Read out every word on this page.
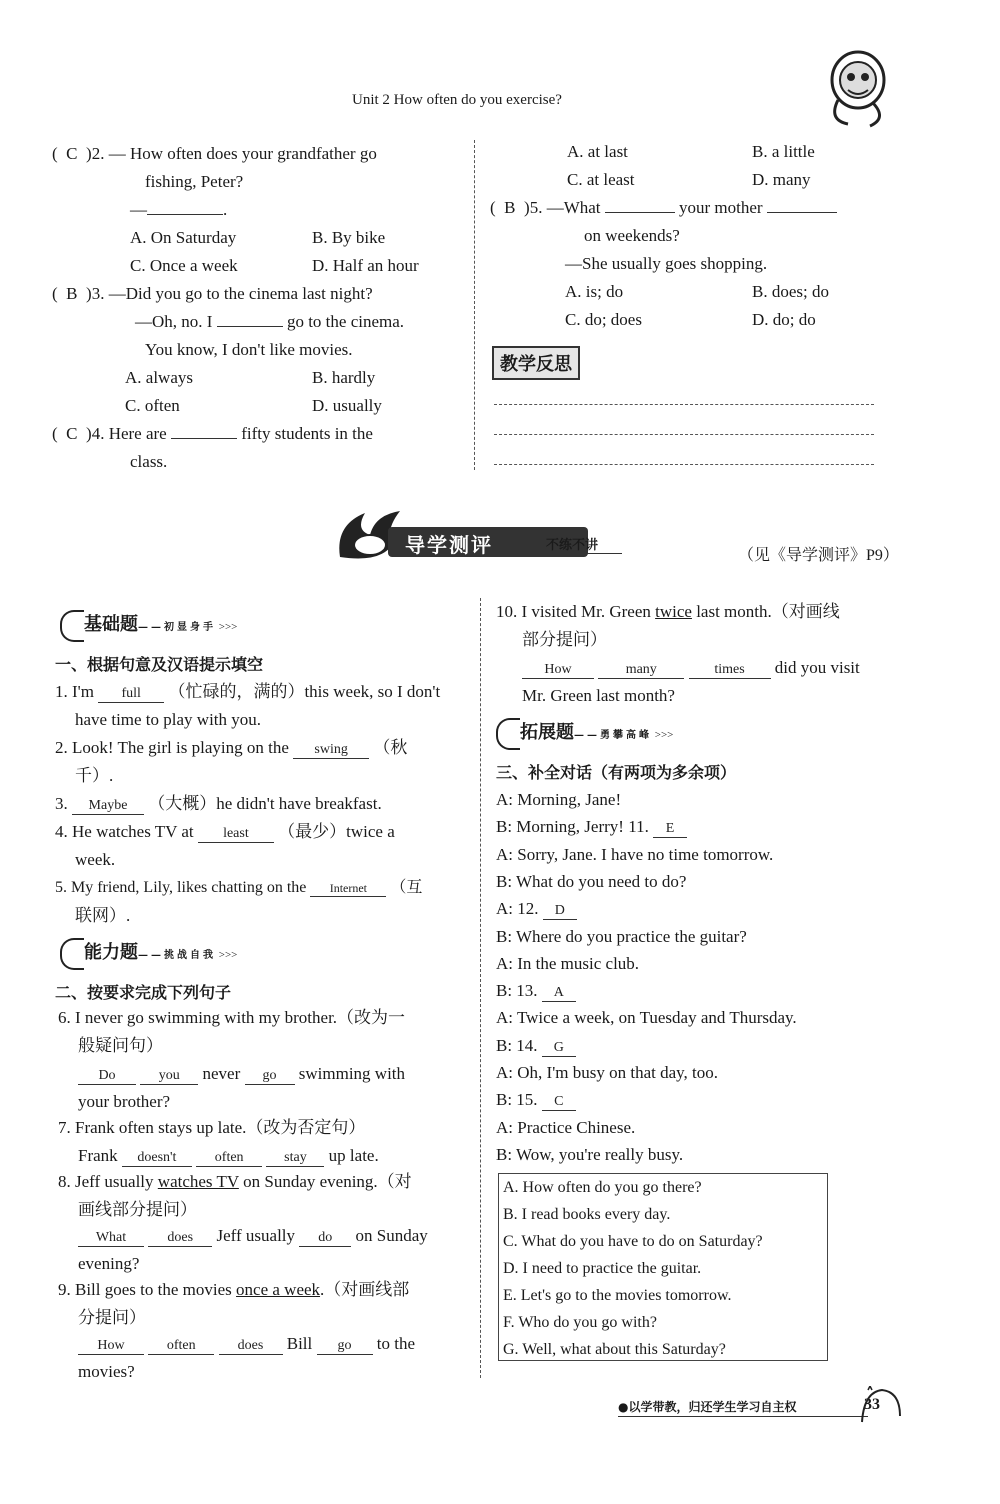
Unit 2 How often do you exercise?
(  C  )2. — How often does your grandfather go
fishing, Peter?
—	.
A. On Saturday	B. By bike
C. Once a week	D. Half an hour
(  B  )3. —Did you go to the cinema last night?
—Oh, no. I	go to the cinema.
You know, I don't like movies.
A. always	B. hardly
C. often	D. usually
(  C  )4. Here are	fifty students in the
class.
A. at last	B. a little
C. at least	D. many
(  B  )5. —What	your mother
on weekends?
—She usually goes shopping.
A. is; do	B. does; do
C. do; does	D. do; do
教学反思
导学测评	不练不讲
（见《导学测评》P9）
基础题——初显身手 >>>
一、根据句意及汉语提示填空
1. I'm full （忙碌的，满的）this week, so I don't
have time to play with you.
2. Look! The girl is playing on the swing （秋
千）.
3. Maybe （大概）he didn't have breakfast.
4. He watches TV at least （最少）twice a
week.
5. My friend, Lily, likes chatting on the Internet （互
联网）.
能力题——挑战自我 >>>
二、按要求完成下列句子
6. I never go swimming with my brother.（改为一
般疑问句）
Do	you never go swimming with
your brother?
7. Frank often stays up late.（改为否定句）
Frank doesn't	often	stay up late.
8. Jeff usually watches TV on Sunday evening.（对
画线部分提问）
What	does Jeff usually do on Sunday
evening?
9. Bill goes to the movies once a week.（对画线部
分提问）
How	often	does Bill go to the
movies?
10. I visited Mr. Green twice last month.（对画线
部分提问）
How	many	times did you visit
Mr. Green last month?
拓展题——勇攀高峰 >>>
三、补全对话（有两项为多余项）
A: Morning, Jane!
B: Morning, Jerry! 11. E
A: Sorry, Jane. I have no time tomorrow.
B: What do you need to do?
A: 12. D
B: Where do you practice the guitar?
A: In the music club.
B: 13. A
A: Twice a week, on Tuesday and Thursday.
B: 14. G
A: Oh, I'm busy on that day, too.
B: 15. C
A: Practice Chinese.
B: Wow, you're really busy.
A. How often do you go there?
B. I read books every day.
C. What do you have to do on Saturday?
D. I need to practice the guitar.
E. Let's go to the movies tomorrow.
F. Who do you go with?
G. Well, what about this Saturday?
●以学带教，归还学生学习自主权	33
